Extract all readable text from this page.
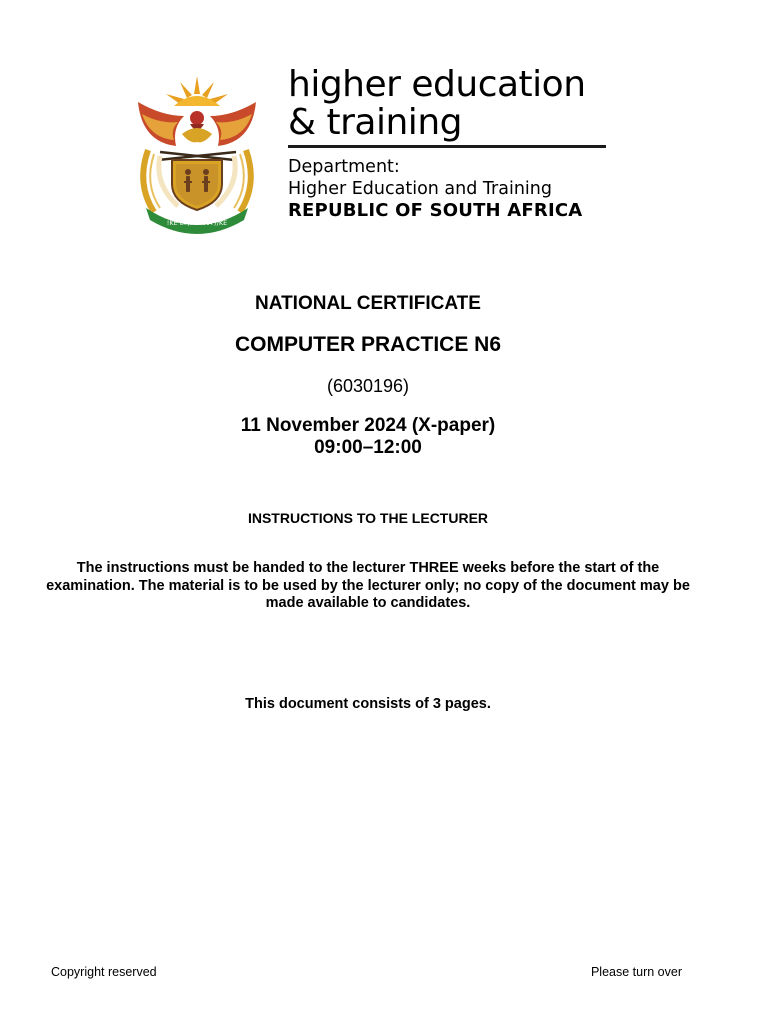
!KE E: /XARRA //KE
higher education
& training
Department:
Higher Education and Training
REPUBLIC OF SOUTH AFRICA
NATIONAL CERTIFICATE
COMPUTER PRACTICE N6
(6030196)
11 November 2024 (X-paper)
09:00–12:00
INSTRUCTIONS TO THE LECTURER
The instructions must be handed to the lecturer THREE weeks before the start of the examination. The material is to be used by the lecturer only; no copy of the document may be made available to candidates.
This document consists of 3 pages.
Copyright reserved	Please turn over
